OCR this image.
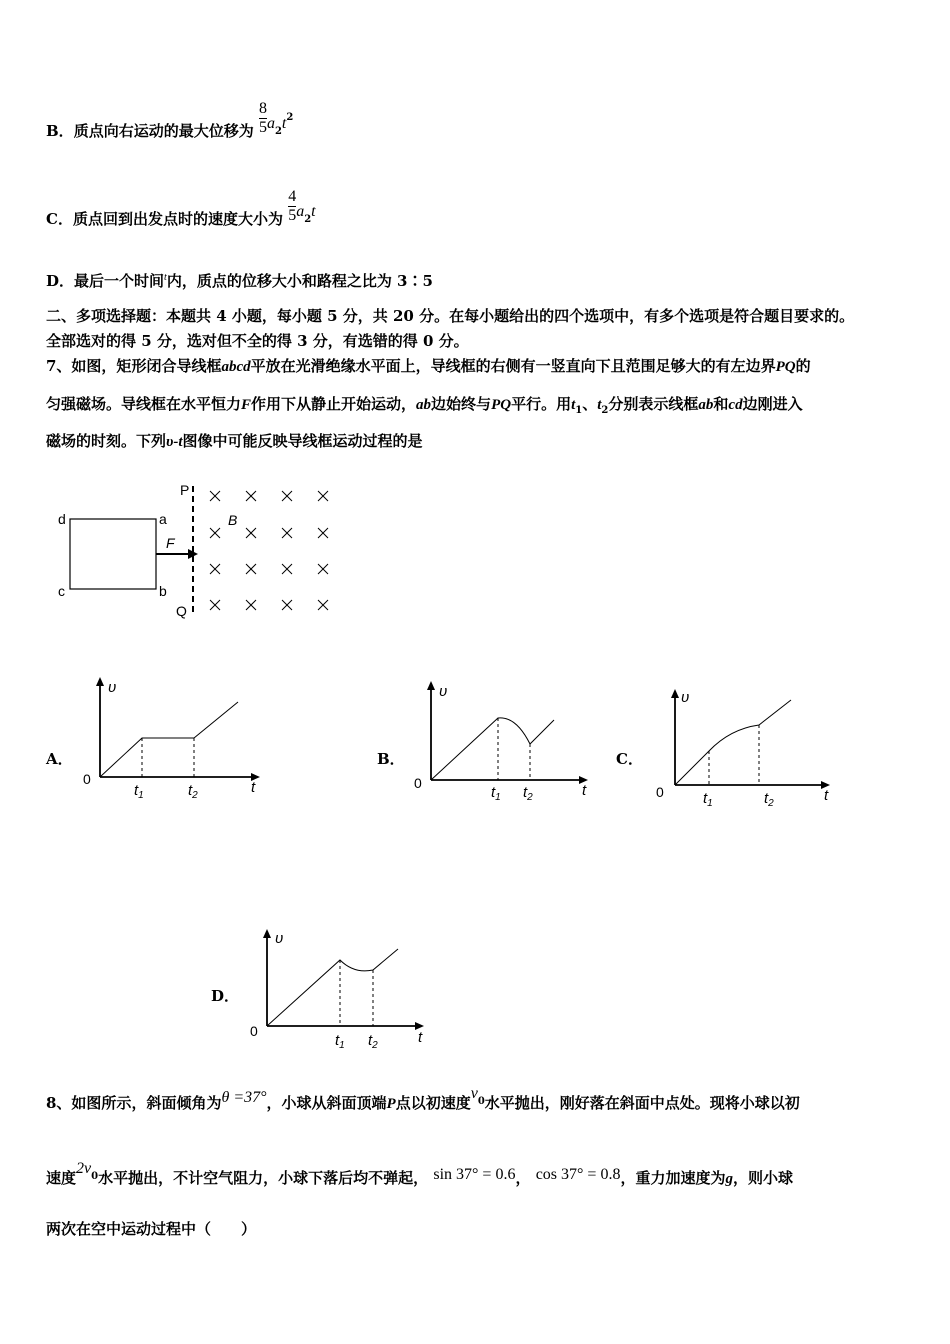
B．质点向右运动的最大位移为 $\frac{8}{5} a_2t^2$
C．质点回到出发点时的速度大小为 $\frac{4}{5} a_2t$
D．最后一个时间$^t$内，质点的位移大小和路程之比为 3∶5
二、多项选择题：本题共 4 小题，每小题 5 分，共 20 分。在每小题给出的四个选项中，有多个选项是符合题目要求的。
全部选对的得 5 分，选对但不全的得 3 分，有选错的得 0 分。
7、如图，矩形闭合导线框abcd平放在光滑绝缘水平面上，导线框的右侧有一竖直向下且范围足够大的有左边界PQ的
匀强磁场。导线框在水平恒力F作用下从静止开始运动，ab边始终与PQ平行。用$t_1$、$t_2$分别表示线框ab和cd边刚进入
磁场的时刻。下列υ-t图像中可能反映导线框运动过程的是
d	a
c	b
F
P
Q
B
A．
0
υ
t
$t_1$	$t_2$
B．
0
υ
t
$t_1$ $t_2$
C．
0
υ
t
$t_1$	$t_2$
D．
0
υ
t
$t_1$ $t_2$
8、如图所示，斜面倾角为θ =37°，小球从斜面顶端P点以初速度$v_0$水平抛出，刚好落在斜面中点处。现将小球以初
速度$2v_0$水平抛出，不计空气阻力，小球下落后均不弹起， sin 37° = 0.6， cos 37° = 0.8，重力加速度为g，则小球
两次在空中运动过程中（　　）
